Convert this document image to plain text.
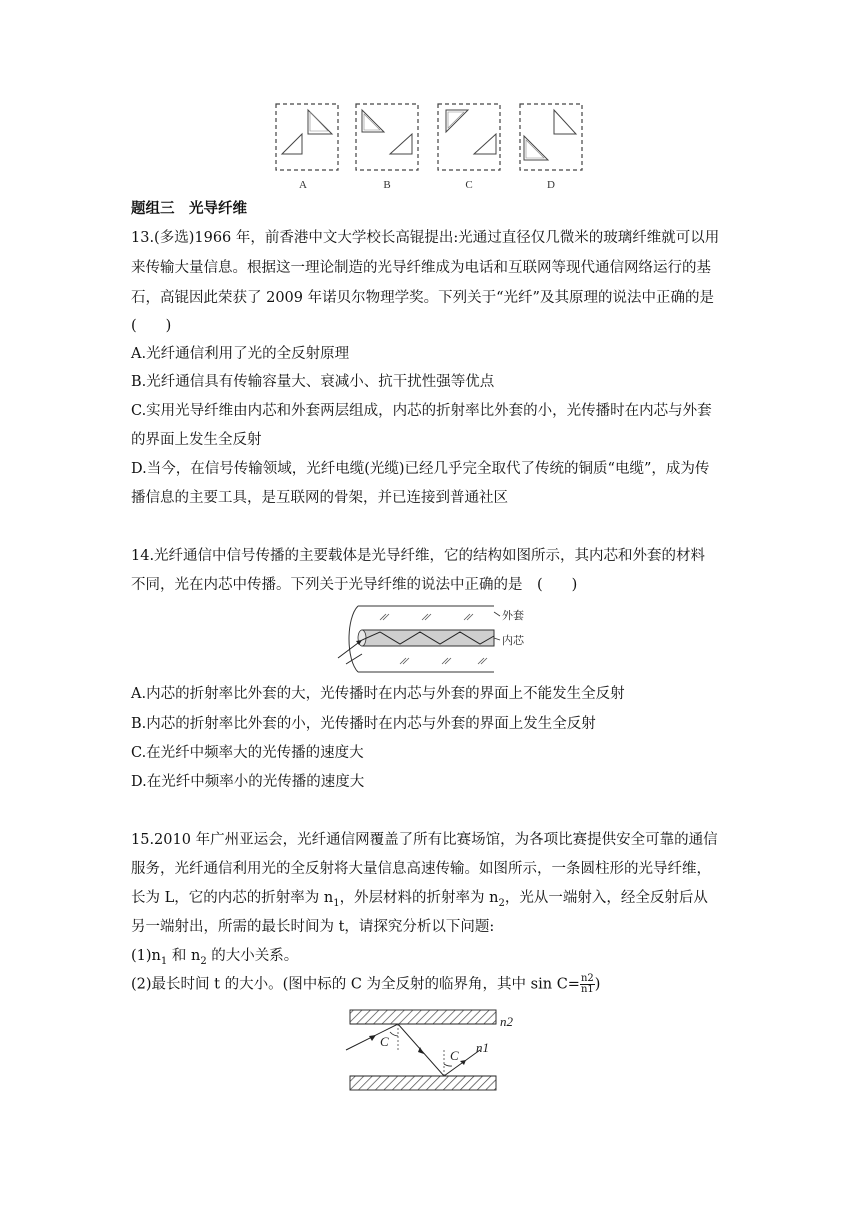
A	B	C	D
题组三　光导纤维
13.(多选)1966 年，前香港中文大学校长高锟提出:光通过直径仅几微米的玻璃纤维就可以用
来传输大量信息。根据这一理论制造的光导纤维成为电话和互联网等现代通信网络运行的基
石，高锟因此荣获了 2009 年诺贝尔物理学奖。下列关于“光纤”及其原理的说法中正确的是
(　　)
A.光纤通信利用了光的全反射原理
B.光纤通信具有传输容量大、衰减小、抗干扰性强等优点
C.实用光导纤维由内芯和外套两层组成，内芯的折射率比外套的小，光传播时在内芯与外套
的界面上发生全反射
D.当今，在信号传输领域，光纤电缆(光缆)已经几乎完全取代了传统的铜质“电缆”，成为传
播信息的主要工具，是互联网的骨架，并已连接到普通社区
14.光纤通信中信号传播的主要载体是光导纤维，它的结构如图所示，其内芯和外套的材料
不同，光在内芯中传播。下列关于光导纤维的说法中正确的是　(　　)
外套
内芯
A.内芯的折射率比外套的大，光传播时在内芯与外套的界面上不能发生全反射
B.内芯的折射率比外套的小，光传播时在内芯与外套的界面上发生全反射
C.在光纤中频率大的光传播的速度大
D.在光纤中频率小的光传播的速度大
15.2010 年广州亚运会，光纤通信网覆盖了所有比赛场馆，为各项比赛提供安全可靠的通信
服务，光纤通信利用光的全反射将大量信息高速传输。如图所示，一条圆柱形的光导纤维，
长为 L，它的内芯的折射率为 $n_1$，外层材料的折射率为 $n_2$，光从一端射入，经全反射后从
另一端射出，所需的最长时间为 t，请探究分析以下问题:
$(1)n_1$ 和 $n_2$ 的大小关系。
(2)最长时间 t 的大小。(图中标的 C 为全反射的临界角，其中 $\sin C= \frac{n2}{n1}$ )
C
C
n2
n1
